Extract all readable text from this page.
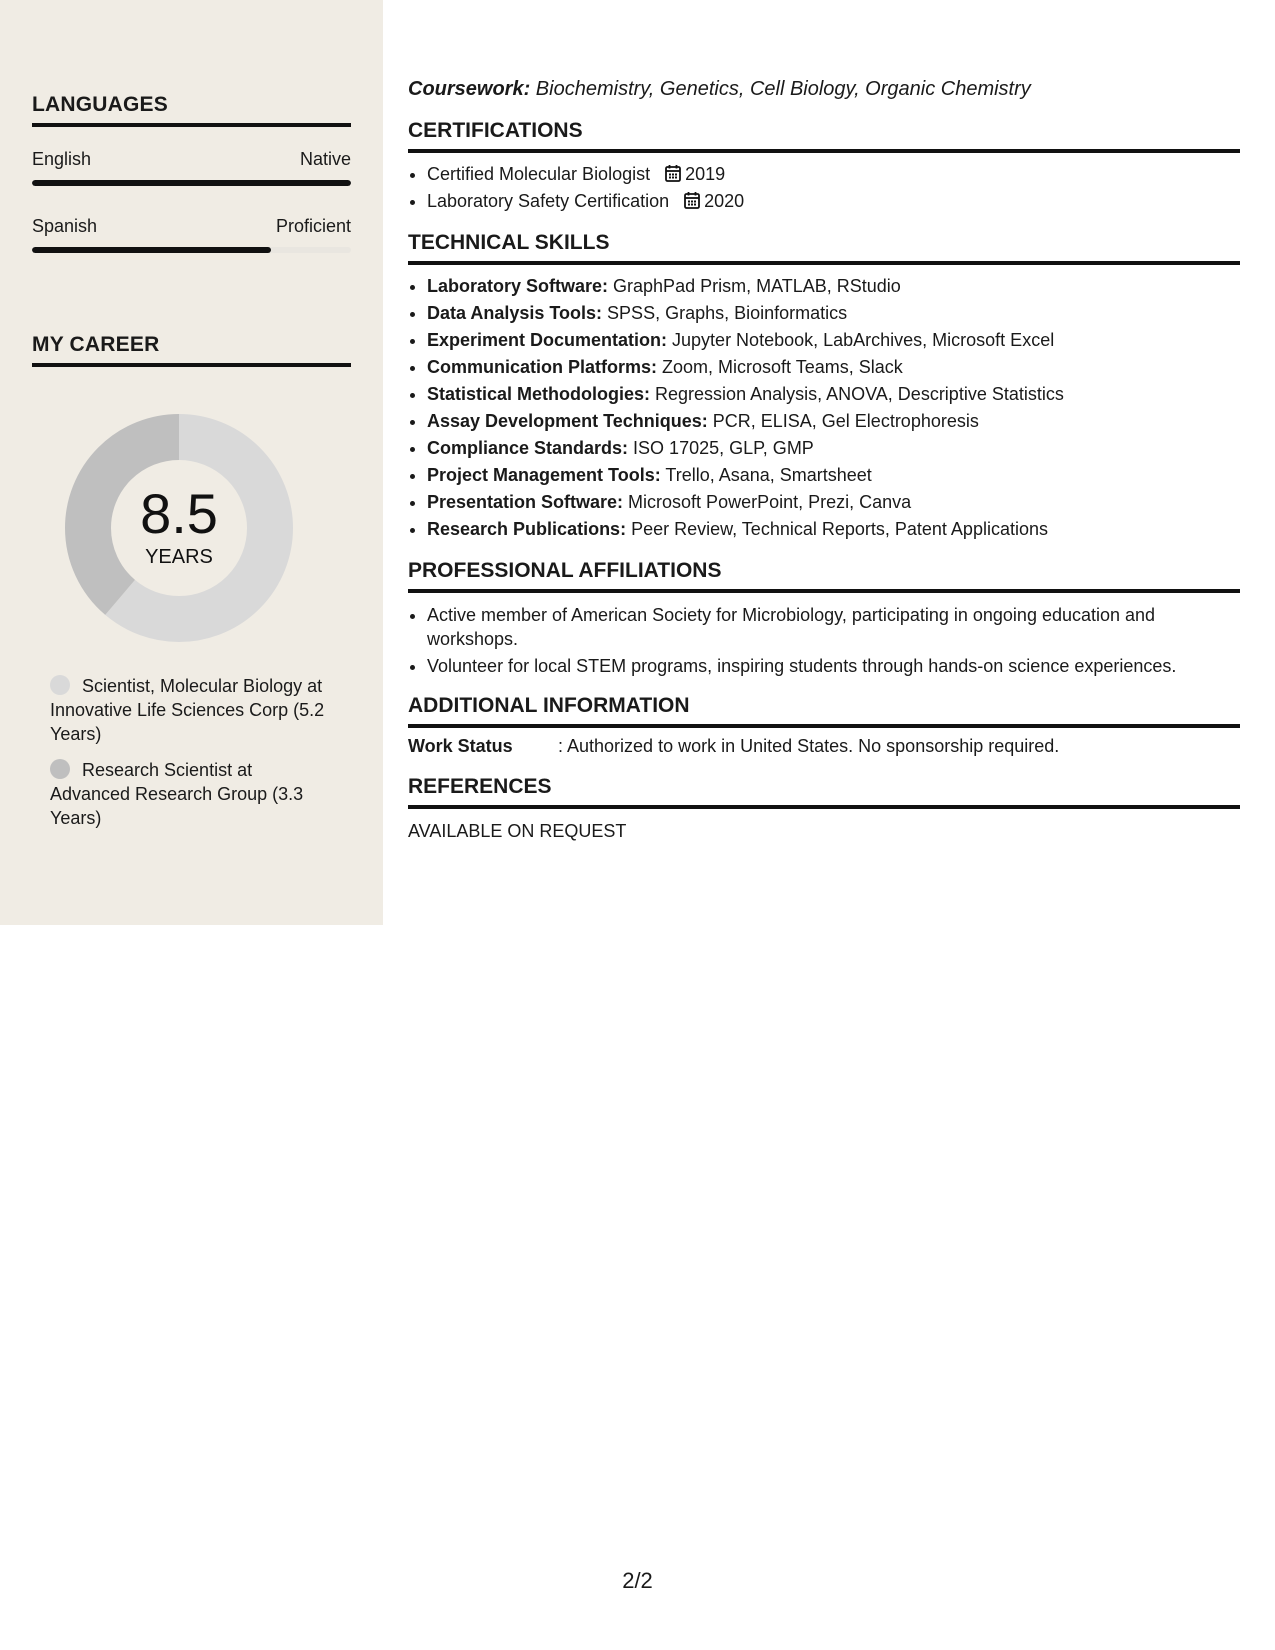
LANGUAGES
English	Native
Spanish	Proficient
MY CAREER
8.5
YEARS

Scientist, Molecular Biology at Innovative Life Sciences Corp (5.2 Years)

Research Scientist at Advanced Research Group (3.3 Years)

Coursework: Biochemistry, Genetics, Cell Biology, Organic Chemistry

CERTIFICATIONS
• Certified Molecular Biologist 2019
• Laboratory Safety Certification 2020
TECHNICAL SKILLS
• Laboratory Software: GraphPad Prism, MATLAB, RStudio
• Data Analysis Tools: SPSS, Graphs, Bioinformatics
• Experiment Documentation: Jupyter Notebook, LabArchives, Microsoft Excel
• Communication Platforms: Zoom, Microsoft Teams, Slack
• Statistical Methodologies: Regression Analysis, ANOVA, Descriptive Statistics
• Assay Development Techniques: PCR, ELISA, Gel Electrophoresis
• Compliance Standards: ISO 17025, GLP, GMP
• Project Management Tools: Trello, Asana, Smartsheet
• Presentation Software: Microsoft PowerPoint, Prezi, Canva
• Research Publications: Peer Review, Technical Reports, Patent Applications
PROFESSIONAL AFFILIATIONS
• Active member of American Society for Microbiology, participating in ongoing education and workshops.
• Volunteer for local STEM programs, inspiring students through hands-on science experiences.
ADDITIONAL INFORMATION
Work Status	: Authorized to work in United States. No sponsorship required.
REFERENCES

AVAILABLE ON REQUEST

2/2
